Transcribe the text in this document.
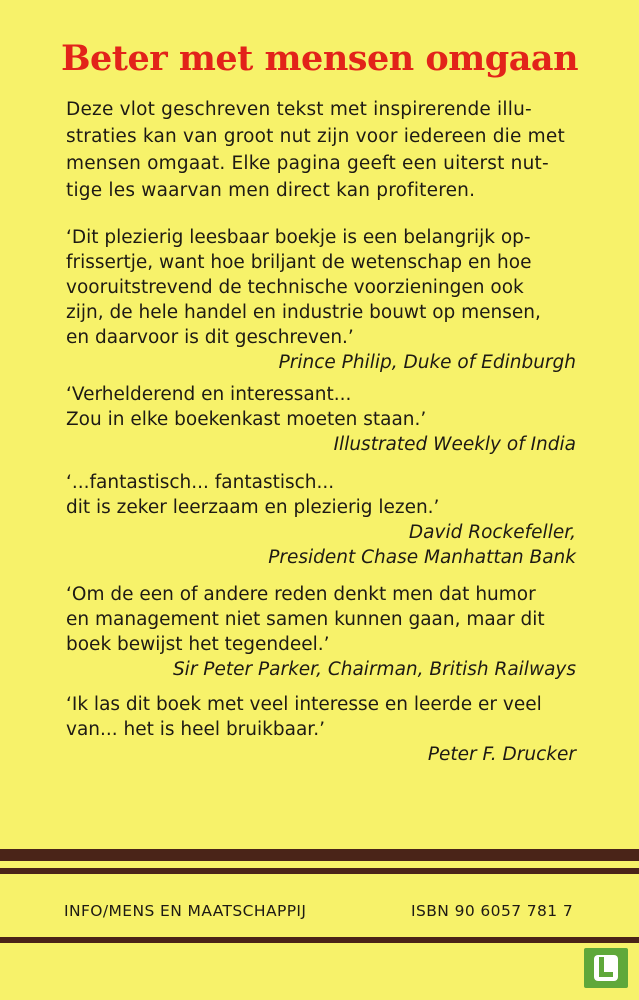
Beter met mensen omgaan
Deze vlot geschreven tekst met inspirerende illu-
straties kan van groot nut zijn voor iedereen die met
mensen omgaat. Elke pagina geeft een uiterst nut-
tige les waarvan men direct kan profiteren.
‘Dit plezierig leesbaar boekje is een belangrijk op-
frissertje, want hoe briljant de wetenschap en hoe
vooruitstrevend de technische voorzieningen ook
zijn, de hele handel en industrie bouwt op mensen,
en daarvoor is dit geschreven.’
Prince Philip, Duke of Edinburgh
‘Verhelderend en interessant...
Zou in elke boekenkast moeten staan.’
Illustrated Weekly of India
‘...fantastisch... fantastisch...
dit is zeker leerzaam en plezierig lezen.’
David Rockefeller,
President Chase Manhattan Bank
‘Om de een of andere reden denkt men dat humor
en management niet samen kunnen gaan, maar dit
boek bewijst het tegendeel.’
Sir Peter Parker, Chairman, British Railways
‘Ik las dit boek met veel interesse en leerde er veel
van... het is heel bruikbaar.’
Peter F. Drucker
INFO/MENS EN MAATSCHAPPIJ	ISBN 90 6057 781 7
